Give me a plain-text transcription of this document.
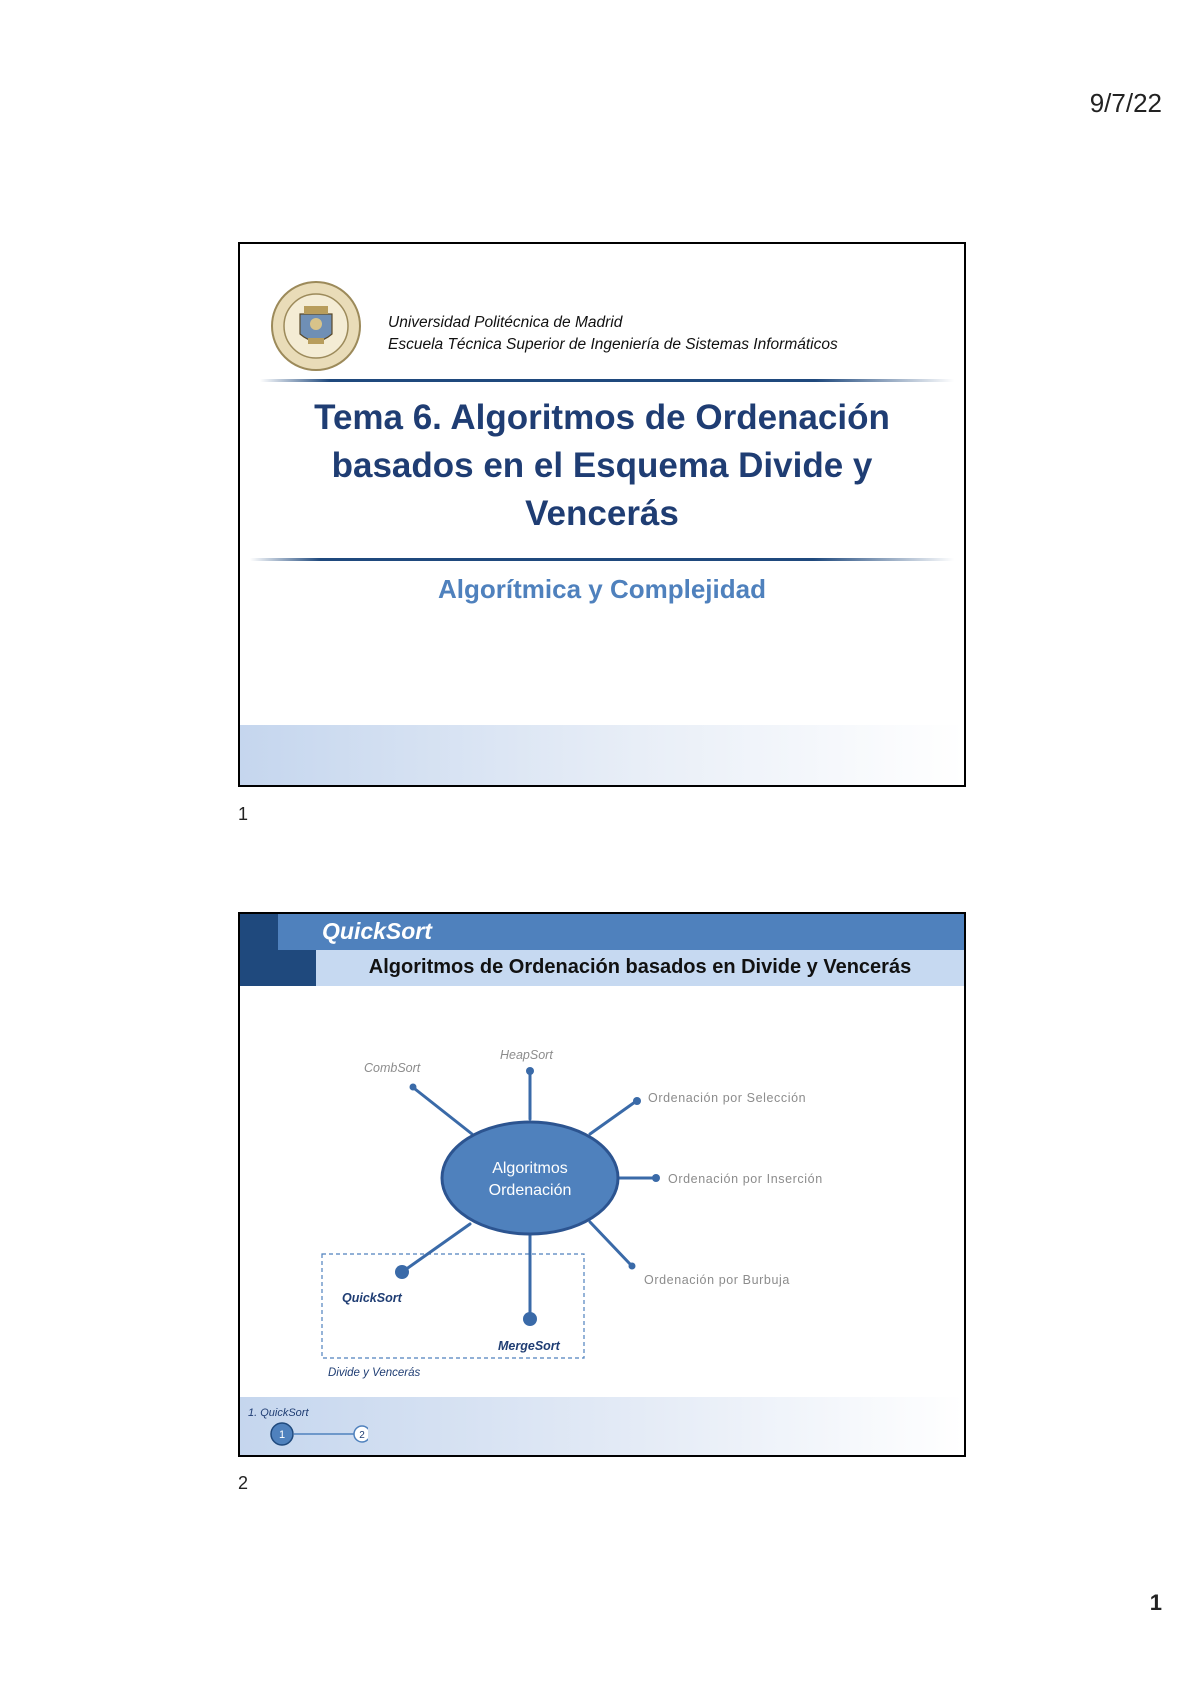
9/7/22
Universidad Politécnica de Madrid
Escuela Técnica Superior de Ingeniería de Sistemas Informáticos
Tema 6. Algoritmos de Ordenación
basados en el Esquema Divide y
Vencerás
Algorítmica y Complejidad
1
QuickSort
Algoritmos de Ordenación basados en Divide y Vencerás
Algoritmos
Ordenación
CombSort
HeapSort
Ordenación por Selección
Ordenación por Inserción
Ordenación por Burbuja
QuickSort
MergeSort
Divide y Vencerás
1. QuickSort
1	2
2
1
